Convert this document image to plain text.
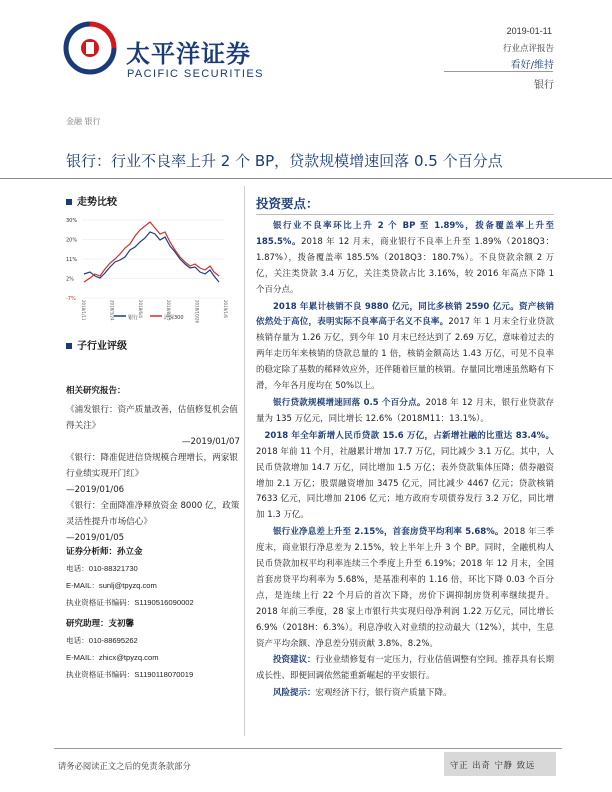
太平洋证券
PACIFIC SECURITIES
2019-01-11
行业点评报告
看好/维持
银行
金融 银行
银行：行业不良率上升 2 个 BP，贷款规模增速回落 0.5 个百分点
走势比较
30%
20%
11%
2%
-7%
2018/1/11	2018/3/24	2018/6/4	2018/8/15	2018/10/26	2019/1/6
银行	沪深300
子行业评级
相关研究报告：
《浦发银行：资产质量改善，估值修复机会值得关注》
—2019/01/07
《银行：降准促进信贷规模合理增长，两家银行业绩实现开门红》
—2019/01/06
《银行：全面降准净释放资金 8000 亿，政策灵活性提升市场信心》
—2019/01/05
证券分析师：孙立金
电话：010-88321730
E-MAIL：sunlj@tpyzq.com
执业资格证书编码：S1190516090002
研究助理：支初馨
电话：010-88695262
E-MAIL：zhicx@tpyzq.com
执业资格证书编码：S1190118070019
投资要点：

银行业不良率环比上升 2 个 BP 至 1.89%，拨备覆盖率上升至 185.5%。2018 年 12 月末，商业银行不良率上升至 1.89%（2018Q3：1.87%），拨备覆盖率 185.5%（2018Q3：180.7%）。不良贷款余额 2 万亿，关注类贷款 3.4 万亿，关注类贷款占比 3.16%，较 2016 年高点下降 1 个百分点。

2018 年累计核销不良 9880 亿元，同比多核销 2590 亿元。资产核销依然处于高位，表明实际不良率高于名义不良率。2017 年 1 月末全行业贷款核销存量为 1.26 万亿，到今年 10 月末已经达到了 2.69 万亿，意味着过去的两年走历年来核销的贷款总量的 1 倍，核销金额高达 1.43 万亿，可见不良率的稳定除了基数的稀释效应外，还伴随着巨量的核销。存量同比增速虽然略有下滑，今年各月度均在 50%以上。

银行贷款规模增速回落 0.5 个百分点。2018 年 12 月末，银行业贷款存量为 135 万亿元，同比增长 12.6%（2018M11：13.1%）。

2018 年全年新增人民币贷款 15.6 万亿，占新增社融的比重达 83.4%。2018 年前 11 个月，社融累计增加 17.7 万亿，同比减少 3.1 万亿。其中，人民币贷款增加 14.7 万亿，同比增加 1.5 万亿；表外贷款集体压降；债券融资增加 2.1 万亿；股票融资增加 3475 亿元，同比减少 4467 亿元；贷款核销 7633 亿元，同比增加 2106 亿元；地方政府专项债券发行 3.2 万亿，同比增加 1.3 万亿。

银行业净息差上升至 2.15%，首套房贷平均利率 5.68%。2018 年三季度末，商业银行净息差为 2.15%，较上半年上升 3 个 BP。同时，全融机构人民币贷款加权平均利率连续三个季度上升至 6.19%；2018 年 12 月末，全国首套房贷平均利率为 5.68%，是基准利率的 1.16 倍，环比下降 0.03 个百分点，是连续上行 22 个月后的首次下降，房价下调抑制房贷利率继续提升。2018 年前三季度，28 家上市银行共实现归母净利润 1.22 万亿元，同比增长 6.9%（2018H：6.3%）。利息净收入对业绩的拉动最大（12%），其中，生息资产平均余额、净息差分别贡献 3.8%、8.2%。

投资建议：行业业绩修复有一定压力，行业估值调整有空间。推荐具有长期成长性、即便回调依然能重新崛起的平安银行。

风险提示：宏观经济下行，银行资产质量下降。

请务必阅读正文之后的免责条款部分	守正 出奇 宁静 致远
